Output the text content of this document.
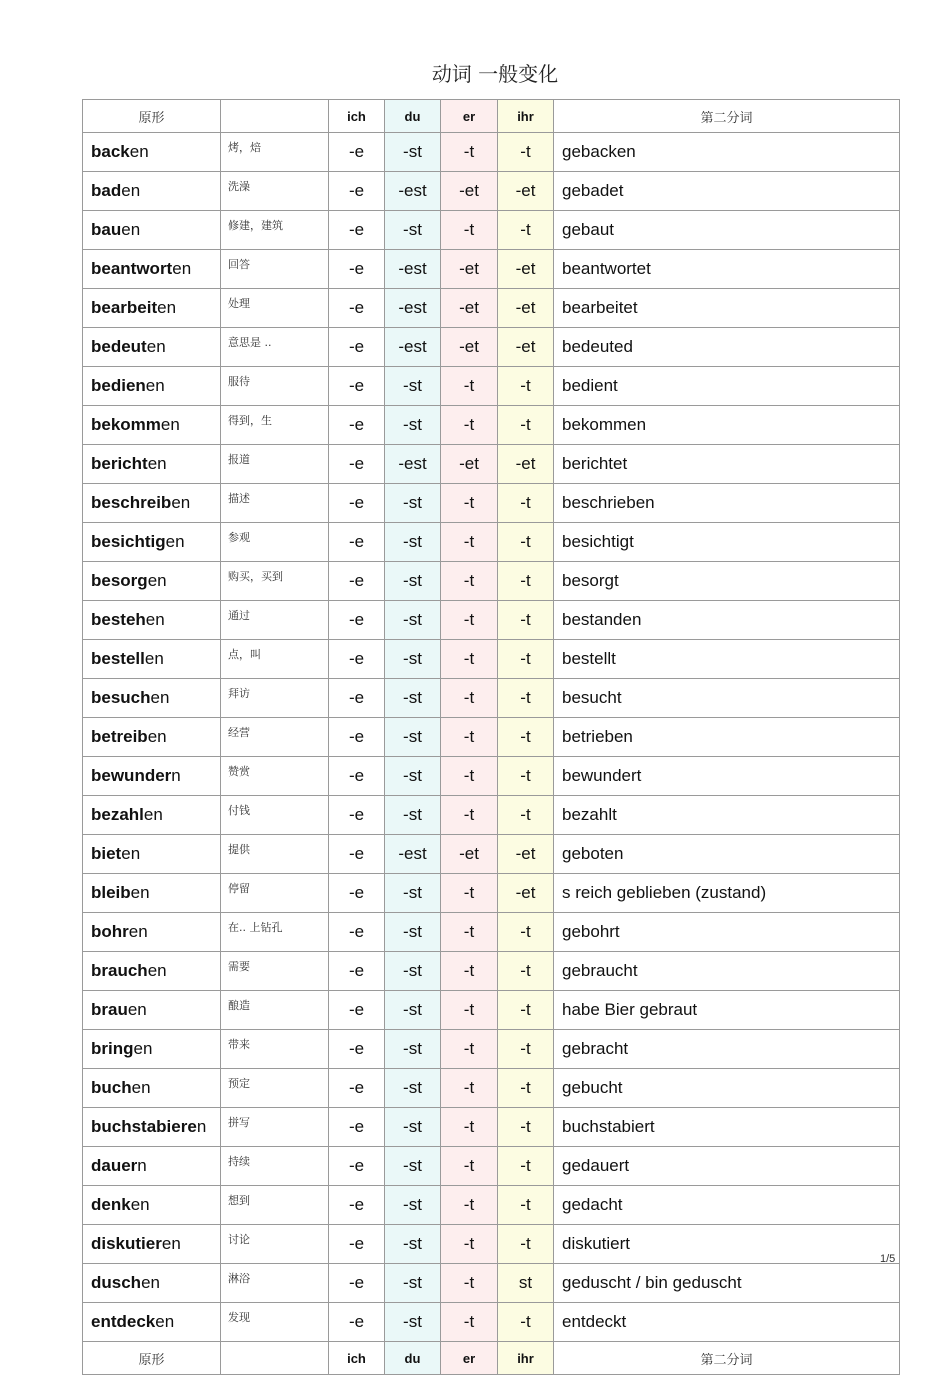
动词 一般变化
原形		ich	du	er	ihr	第二分词
backen	烤，焙	-e	-st	-t	-t	gebacken
baden	洗澡	-e	-est	-et	-et	gebadet
bauen	修建，建筑	-e	-st	-t	-t	gebaut
beantworten	回答	-e	-est	-et	-et	beantwortet
bearbeiten	处理	-e	-est	-et	-et	bearbeitet
bedeuten	意思是 ..	-e	-est	-et	-et	bedeuted
bedienen	服待	-e	-st	-t	-t	bedient
bekommen	得到，生	-e	-st	-t	-t	bekommen
berichten	报道	-e	-est	-et	-et	berichtet
beschreiben	描述	-e	-st	-t	-t	beschrieben
besichtigen	参观	-e	-st	-t	-t	besichtigt
besorgen	购买，买到	-e	-st	-t	-t	besorgt
bestehen	通过	-e	-st	-t	-t	bestanden
bestellen	点，叫	-e	-st	-t	-t	bestellt
besuchen	拜访	-e	-st	-t	-t	besucht
betreiben	经营	-e	-st	-t	-t	betrieben
bewundern	赞赏	-e	-st	-t	-t	bewundert
bezahlen	付钱	-e	-st	-t	-t	bezahlt
bieten	提供	-e	-est	-et	-et	geboten
bleiben	停留	-e	-st	-t	-et	s reich geblieben (zustand)
bohren	在.. 上钻孔	-e	-st	-t	-t	gebohrt
brauchen	需要	-e	-st	-t	-t	gebraucht
brauen	酿造	-e	-st	-t	-t	habe Bier gebraut
bringen	带来	-e	-st	-t	-t	gebracht
buchen	预定	-e	-st	-t	-t	gebucht
buchstabieren	拼写	-e	-st	-t	-t	buchstabiert
dauern	持续	-e	-st	-t	-t	gedauert
denken	想到	-e	-st	-t	-t	gedacht
diskutieren	讨论	-e	-st	-t	-t	diskutiert
duschen	淋浴	-e	-st	-t	st	geduscht / bin geduscht
entdecken	发现	-e	-st	-t	-t	entdeckt
原形		ich	du	er	ihr	第二分词
1/5
